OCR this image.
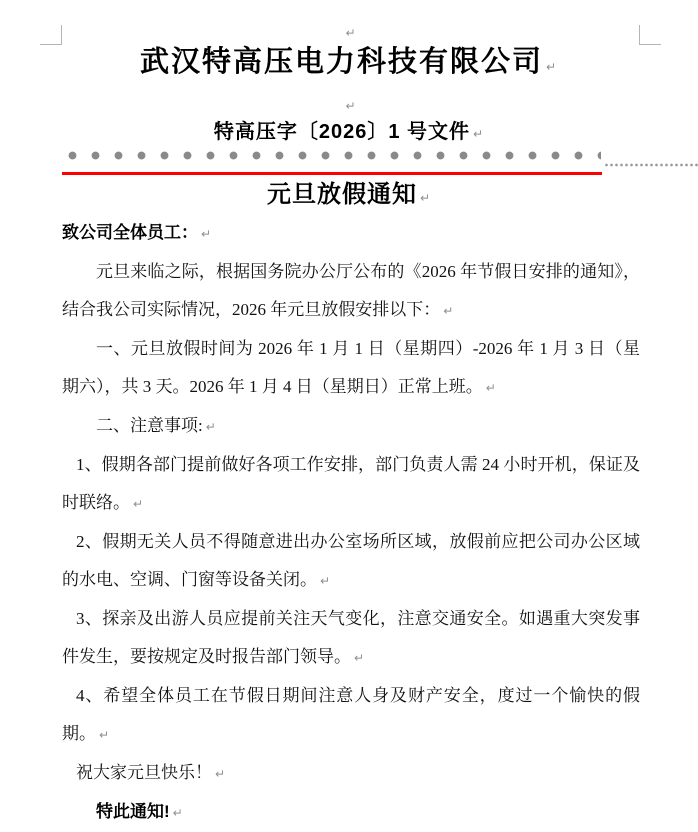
↵
武汉特高压电力科技有限公司 ↵
↵
特高压字〔2026〕1 号文件 ↵
元旦放假通知 ↵

致公司全体员工： ↵

元旦来临之际，根据国务院办公厅公布的《2026 年节假日安排的通知》，结合我公司实际情况，2026 年元旦放假安排以下： ↵

一、元旦放假时间为 2026 年 1 月 1 日（星期四）-2026 年 1 月 3 日（星期六），共 3 天。2026 年 1 月 4 日（星期日）正常上班。 ↵

二、注意事项: ↵

1、假期各部门提前做好各项工作安排，部门负责人需 24 小时开机，保证及时联络。 ↵

2、假期无关人员不得随意进出办公室场所区域，放假前应把公司办公区域的水电、空调、门窗等设备关闭。 ↵

3、探亲及出游人员应提前关注天气变化，注意交通安全。如遇重大突发事件发生，要按规定及时报告部门领导。 ↵

4、希望全体员工在节假日期间注意人身及财产安全，度过一个愉快的假期。 ↵

祝大家元旦快乐！ ↵

特此通知! ↵
